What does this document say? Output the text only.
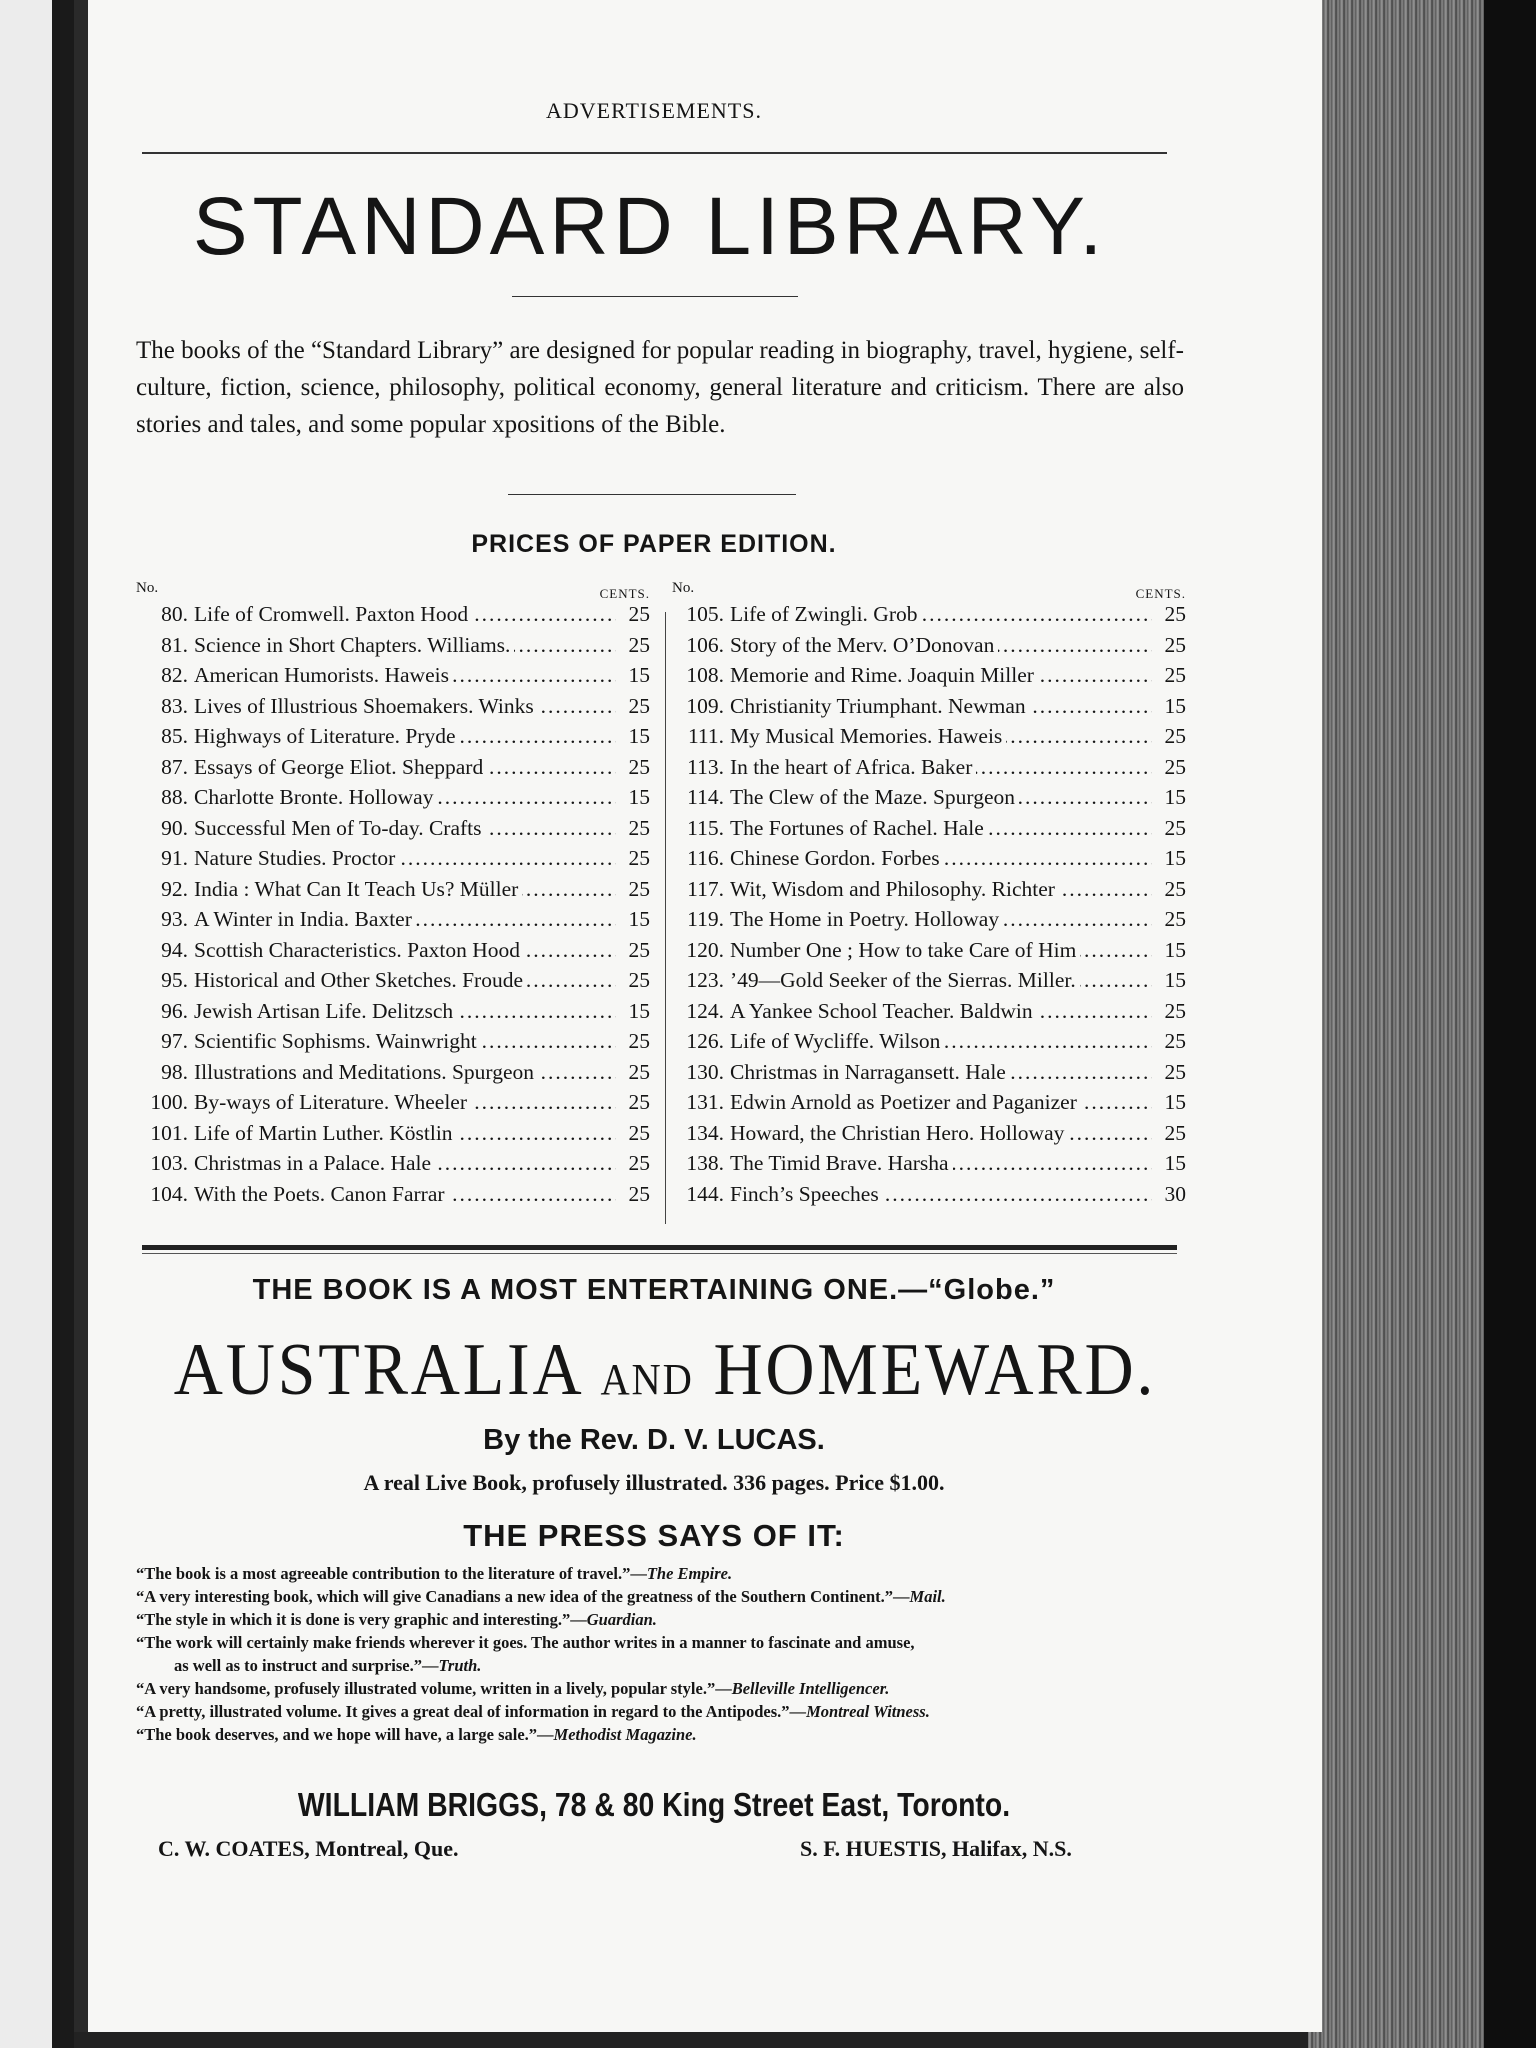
ADVERTISEMENTS.
STANDARD LIBRARY.
The books of the “Standard Library” are designed for popular reading in biography, travel, hygiene, self-culture, fiction, science, philosophy, political economy, general literature and criticism. There are also stories and tales, and some popular xpositions of the Bible.
PRICES OF PAPER EDITION.
No.	CENTS.
80. Life of Cromwell. Paxton Hood .....	25
81. Science in Short Chapters. Williams. .....	25
82. American Humorists. Haweis .....	15
83. Lives of Illustrious Shoemakers. Winks .....	25
85. Highways of Literature. Pryde .....	15
87. Essays of George Eliot. Sheppard .....	25
88. Charlotte Bronte. Holloway .....	15
90. Successful Men of To-day. Crafts .....	25
91. Nature Studies. Proctor .....	25
92. India : What Can It Teach Us? Müller .....	25
93. A Winter in India. Baxter .....	15
94. Scottish Characteristics. Paxton Hood .....	25
95. Historical and Other Sketches. Froude .....	25
96. Jewish Artisan Life. Delitzsch .....	15
97. Scientific Sophisms. Wainwright .....	25
98. Illustrations and Meditations. Spurgeon .....	25
100. By-ways of Literature. Wheeler .....	25
101. Life of Martin Luther. Köstlin .....	25
103. Christmas in a Palace. Hale .....	25
104. With the Poets. Canon Farrar .....	25
No.	CENTS.
105. Life of Zwingli. Grob .....	25
106. Story of the Merv. O’Donovan .....	25
108. Memorie and Rime. Joaquin Miller .....	25
109. Christianity Triumphant. Newman .....	15
111. My Musical Memories. Haweis .....	25
113. In the heart of Africa. Baker .....	25
114. The Clew of the Maze. Spurgeon .....	15
115. The Fortunes of Rachel. Hale .....	25
116. Chinese Gordon. Forbes .....	15
117. Wit, Wisdom and Philosophy. Richter .....	25
119. The Home in Poetry. Holloway .....	25
120. Number One ; How to take Care of Him .....	15
123. ’49—Gold Seeker of the Sierras. Miller. .....	15
124. A Yankee School Teacher. Baldwin .....	25
126. Life of Wycliffe. Wilson .....	25
130. Christmas in Narragansett. Hale .....	25
131. Edwin Arnold as Poetizer and Paganizer .....	15
134. Howard, the Christian Hero. Holloway .....	25
138. The Timid Brave. Harsha .....	15
144. Finch’s Speeches .....	30
THE BOOK IS A MOST ENTERTAINING ONE.—“Globe.”
AUSTRALIA AND HOMEWARD.
By the Rev. D. V. LUCAS.
A real Live Book, profusely illustrated. 336 pages. Price $1.00.
THE PRESS SAYS OF IT:
“The book is a most agreeable contribution to the literature of travel.”—The Empire.
“A very interesting book, which will give Canadians a new idea of the greatness of the Southern Continent.”—Mail.
“The style in which it is done is very graphic and interesting.”—Guardian.
“The work will certainly make friends wherever it goes. The author writes in a manner to fascinate and amuse,
as well as to instruct and surprise.”—Truth.
“A very handsome, profusely illustrated volume, written in a lively, popular style.”—Belleville Intelligencer.
“A pretty, illustrated volume. It gives a great deal of information in regard to the Antipodes.”—Montreal Witness.
“The book deserves, and we hope will have, a large sale.”—Methodist Magazine.
WILLIAM BRIGGS, 78 & 80 King Street East, Toronto.
C. W. COATES, Montreal, Que.	S. F. HUESTIS, Halifax, N.S.
